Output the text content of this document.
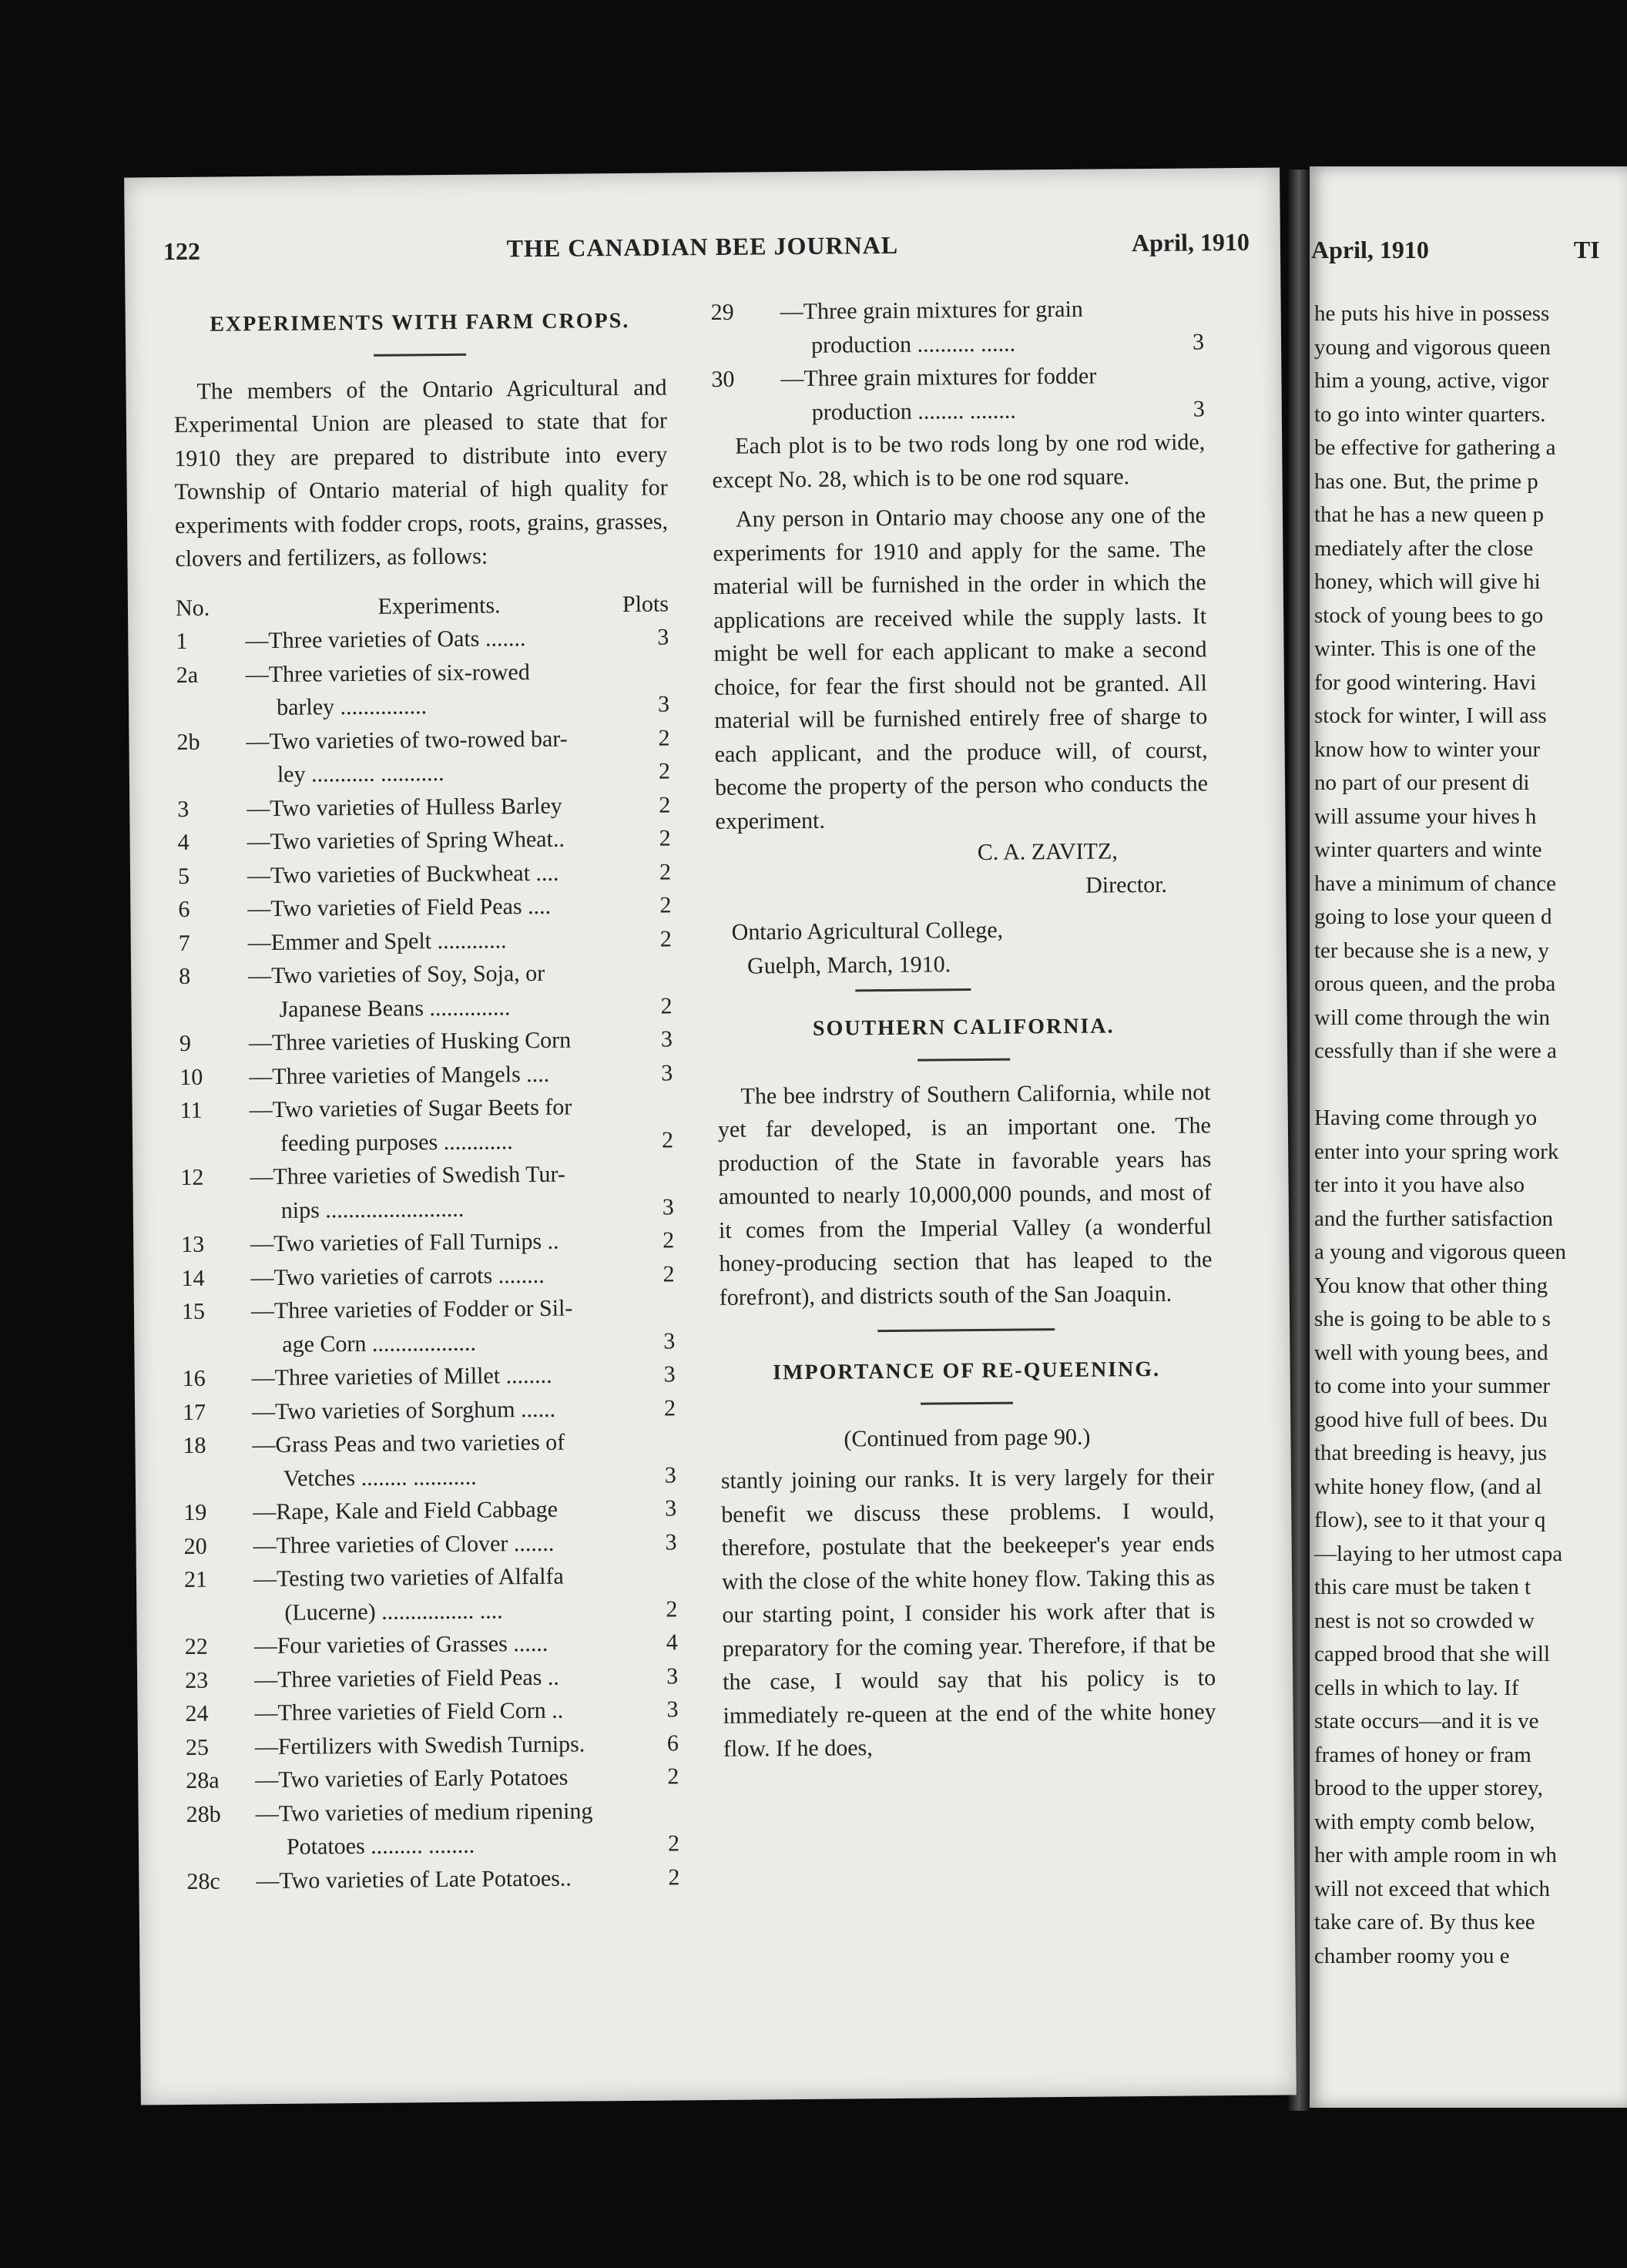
122	THE CANADIAN BEE JOURNAL	April, 1910

EXPERIMENTS WITH FARM CROPS.

The members of the Ontario Agricultural and Experimental Union are pleased to state that for 1910 they are prepared to distribute into every Township of Ontario material of high quality for experiments with fodder crops, roots, grains, grasses, clovers and fertilizers, as follows:

No.	Experiments.	Plots
1	—Three varieties of Oats .......	3
2a	—Three varieties of six-rowed
barley ...............	3
2b	—Two varieties of two-rowed bar-	2
ley ........... ...........	2
3	—Two varieties of Hulless Barley	2
4	—Two varieties of Spring Wheat..	2
5	—Two varieties of Buckwheat ....	2
6	—Two varieties of Field Peas ....	2
7	—Emmer and Spelt ............	2
8	—Two varieties of Soy, Soja, or
Japanese Beans ..............	2
9	—Three varieties of Husking Corn	3
10	—Three varieties of Mangels ....	3
11	—Two varieties of Sugar Beets for
feeding purposes ............	2
12	—Three varieties of Swedish Tur-
nips ........................	3
13	—Two varieties of Fall Turnips ..	2
14	—Two varieties of carrots ........	2
15	—Three varieties of Fodder or Sil-
age Corn ..................	3
16	—Three varieties of Millet ........	3
17	—Two varieties of Sorghum ......	2
18	—Grass Peas and two varieties of
Vetches ........ ...........	3
19	—Rape, Kale and Field Cabbage	3
20	—Three varieties of Clover .......	3
21	—Testing two varieties of Alfalfa
(Lucerne) ................ ....	2
22	—Four varieties of Grasses ......	4
23	—Three varieties of Field Peas ..	3
24	—Three varieties of Field Corn ..	3
25	—Fertilizers with Swedish Turnips.	6
28a	—Two varieties of Early Potatoes	2
28b	—Two varieties of medium ripening
Potatoes ......... ........	2
28c	—Two varieties of Late Potatoes..	2
29	—Three grain mixtures for grain
production .......... ......	3
30	—Three grain mixtures for fodder
production ........ ........	3

Each plot is to be two rods long by one rod wide, except No. 28, which is to be one rod square.

Any person in Ontario may choose any one of the experiments for 1910 and apply for the same. The material will be furnished in the order in which the applications are received while the supply lasts. It might be well for each applicant to make a second choice, for fear the first should not be granted. All material will be furnished entirely free of sharge to each applicant, and the produce will, of courst, become the property of the person who conducts the experiment.

C. A. ZAVITZ,
Director.
Ontario Agricultural College,
Guelph, March, 1910.

SOUTHERN CALIFORNIA.

The bee indrstry of Southern California, while not yet far developed, is an important one. The production of the State in favorable years has amounted to nearly 10,000,000 pounds, and most of it comes from the Imperial Valley (a wonderful honey-producing section that has leaped to the forefront), and districts south of the San Joaquin.

IMPORTANCE OF RE-QUEENING.

(Continued from page 90.)

stantly joining our ranks. It is very largely for their benefit we discuss these problems. I would, therefore, postulate that the beekeeper's year ends with the close of the white honey flow. Taking this as our starting point, I consider his work after that is preparatory for the coming year. Therefore, if that be the case, I would say that his policy is to immediately re-queen at the end of the white honey flow. If he does,

April, 1910	TI
he puts his hive in possess
young and vigorous queen
him a young, active, vigor
to go into winter quarters.
be effective for gathering a
has one. But, the prime p
that he has a new queen p
mediately after the close
honey, which will give hi
stock of young bees to go
winter. This is one of the
for good wintering. Havi
stock for winter, I will ass
know how to winter your
no part of our present di
will assume your hives h
winter quarters and winte
have a minimum of chance
going to lose your queen d
ter because she is a new, y
orous queen, and the proba
will come through the win
cessfully than if she were a
Having come through yo
enter into your spring work
ter into it you have also
and the further satisfaction
a young and vigorous queen
You know that other thing
she is going to be able to s
well with young bees, and
to come into your summer
good hive full of bees. Du
that breeding is heavy, jus
white honey flow, (and al
flow), see to it that your q
—laying to her utmost capa
this care must be taken t
nest is not so crowded w
capped brood that she will
cells in which to lay. If
state occurs—and it is ve
frames of honey or fram
brood to the upper storey,
with empty comb below,
her with ample room in wh
will not exceed that which
take care of. By thus kee
chamber roomy you e
